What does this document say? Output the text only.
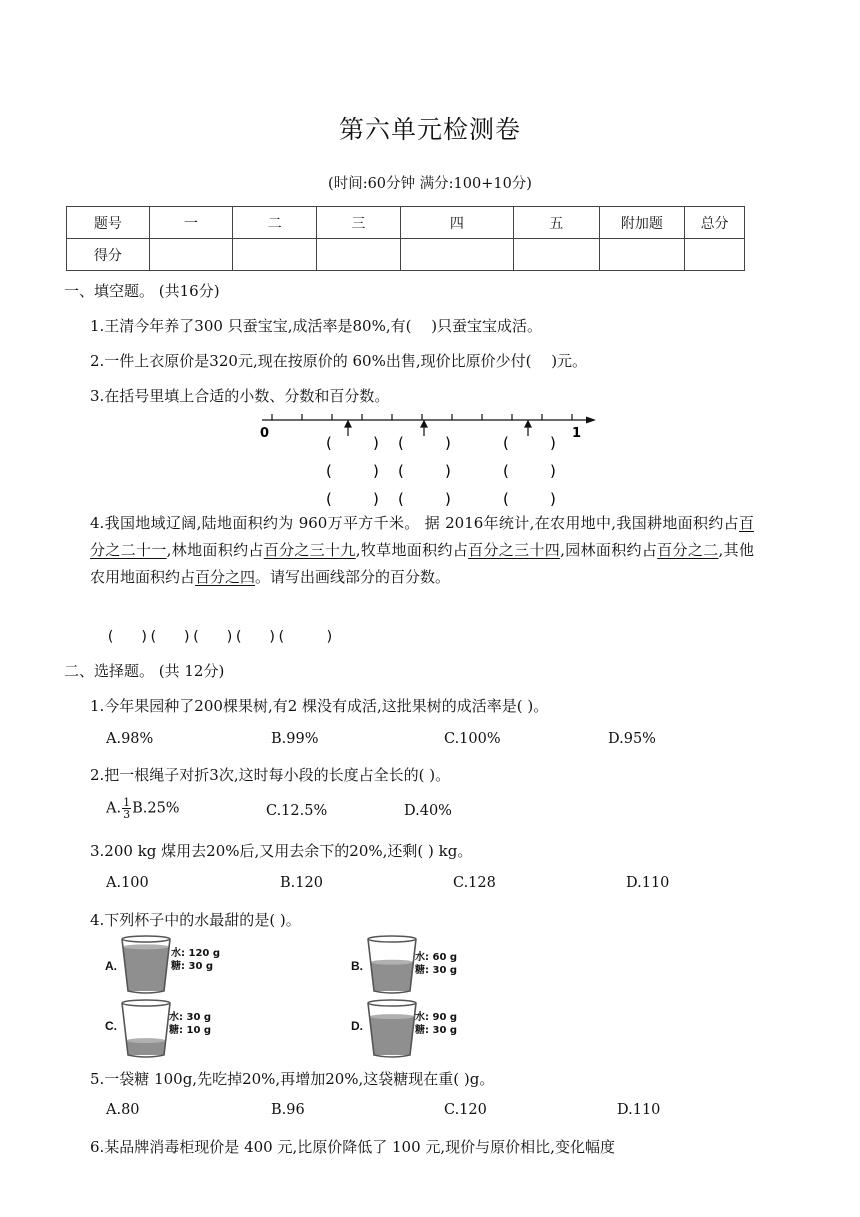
第六单元检测卷
(时间:60分钟 满分:100+10分)
题号	一	二	三	四	五	附加题	总分
得分							
一、填空题。 (共16分)
1.王清今年养了300 只蚕宝宝,成活率是80%,有(　 )只蚕宝宝成活。
2.一件上衣原价是320元,现在按原价的 60%出售,现价比原价少付(　 )元。
3.在括号里填上合适的小数、分数和百分数。
0	1
(	) (	)	(	)
(	) (	)	(	)
(	) (	)	(	)
4.我国地域辽阔,陆地面积约为 960万平方千米。 据 2016年统计,在农用地中,我国耕地面积约占百分之二十一,林地面积约占百分之三十九,牧草地面积约占百分之三十四,园林面积约占百分之二,其他农用地面积约占百分之四。请写出画线部分的百分数。
(　 )(　 )(　 )(　 )(　　 )
二、选择题。 (共 12分)
1.今年果园种了200棵果树,有2 棵没有成活,这批果树的成活率是( )。
A.98%	B.99%	C.100%	D.95%
2.把一根绳子对折3次,这时每小段的长度占全长的( )。
A. $\frac{1}{3} B.25\%$	C.12.5%	D.40%
3.200 kg 煤用去20%后,又用去余下的20%,还剩( ) kg。
A.100	B.120	C.128	D.110
4.下列杯子中的水最甜的是( )。
A.	B.
C.	D.
水: 120 g
糖: 30 g
水: 60 g
糖: 30 g
水: 30 g
糖: 10 g
水: 90 g
糖: 30 g
5.一袋糖 100g,先吃掉20%,再增加20%,这袋糖现在重( )g。
A.80	B.96	C.120	D.110
6.某品牌消毒柜现价是 400 元,比原价降低了 100 元,现价与原价相比,变化幅度
